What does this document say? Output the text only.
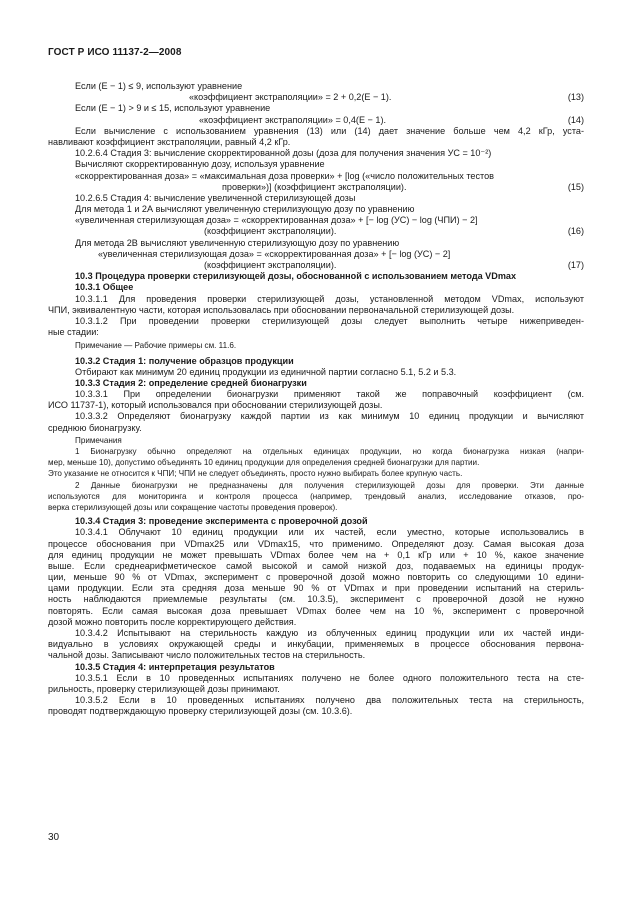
ГОСТ Р ИСО 11137-2—2008
Если (E − 1) ≤ 9, используют уравнение
«коэффициент экстраполяции» = 2 + 0,2(E − 1).	(13)
Если (E − 1) > 9 и ≤ 15, используют уравнение
«коэффициент экстраполяции» = 0,4(E − 1).	(14)
Если вычисление с использованием уравнения (13) или (14) дает значение больше чем 4,2 кГр, уста-
навливают коэффициент экстраполяции, равный 4,2 кГр.
10.2.6.4 Стадия 3: вычисление скорректированной дозы (доза для получения значения УС = 10⁻²)
Вычисляют скорректированную дозу, используя уравнение
«скорректированная доза» = «максимальная доза проверки» + [log («число положительных тестов
проверки»)] (коэффициент экстраполяции).	(15)
10.2.6.5 Стадия 4: вычисление увеличенной стерилизующей дозы
Для метода 1 и 2А вычисляют увеличенную стерилизующую дозу по уравнению
«увеличенная стерилизующая доза» = «скорректированная доза» + [− log (УС) − log (ЧПИ) − 2]
(коэффициент экстраполяции).	(16)
Для метода 2В вычисляют увеличенную стерилизующую дозу по уравнению
«увеличенная стерилизующая доза» = «скорректированная доза» + [− log (УС) − 2]
(коэффициент экстраполяции).	(17)
10.3 Процедура проверки стерилизующей дозы, обоснованной с использованием метода VDmax
10.3.1 Общее
10.3.1.1 Для проведения проверки стерилизующей дозы, установленной методом VDmax, используют
ЧПИ, эквивалентную части, которая использовалась при обосновании первоначальной стерилизующей дозы.
10.3.1.2 При проведении проверки стерилизующей дозы следует выполнить четыре нижеприведен-
ные стадии:
Примечание — Рабочие примеры см. 11.6.
10.3.2 Стадия 1: получение образцов продукции
Отбирают как минимум 20 единиц продукции из единичной партии согласно 5.1, 5.2 и 5.3.
10.3.3 Стадия 2: определение средней бионагрузки
10.3.3.1 При определении бионагрузки применяют такой же поправочный коэффициент (см.
ИСО 11737-1), который использовался при обосновании стерилизующей дозы.
10.3.3.2 Определяют бионагрузку каждой партии из как минимум 10 единиц продукции и вычисляют
среднюю бионагрузку.
Примечания
1 Бионагрузку обычно определяют на отдельных единицах продукции, но когда бионагрузка низкая (напри-
мер, меньше 10), допустимо объединять 10 единиц продукции для определения средней бионагрузки для партии.
Это указание не относится к ЧПИ; ЧПИ не следует объединять, просто нужно выбирать более крупную часть.
2 Данные бионагрузки не предназначены для получения стерилизующей дозы для проверки. Эти данные
используются для мониторинга и контроля процесса (например, трендовый анализ, исследование отказов, про-
верка стерилизующей дозы или сокращение частоты проведения проверок).
10.3.4 Стадия 3: проведение эксперимента с проверочной дозой
10.3.4.1 Облучают 10 единиц продукции или их частей, если уместно, которые использовались в
процессе обоснования при VDmax25 или VDmax15, что применимо. Определяют дозу. Самая высокая доза
для единиц продукции не может превышать VDmax более чем на + 0,1 кГр или + 10 %, какое значение
выше. Если среднеарифметическое самой высокой и самой низкой доз, подаваемых на единицы продук-
ции, меньше 90 % от VDmax, эксперимент с проверочной дозой можно повторить со следующими 10 едини-
цами продукции. Если эта средняя доза меньше 90 % от VDmax и при проведении испытаний на стериль-
ность наблюдаются приемлемые результаты (см. 10.3.5), эксперимент с проверочной дозой не нужно
повторять. Если самая высокая доза превышает VDmax более чем на 10 %, эксперимент с проверочной
дозой можно повторить после корректирующего действия.
10.3.4.2 Испытывают на стерильность каждую из облученных единиц продукции или их частей инди-
видуально в условиях окружающей среды и инкубации, применяемых в процессе обоснования первона-
чальной дозы. Записывают число положительных тестов на стерильность.
10.3.5 Стадия 4: интерпретация результатов
10.3.5.1 Если в 10 проведенных испытаниях получено не более одного положительного теста на сте-
рильность, проверку стерилизующей дозы принимают.
10.3.5.2 Если в 10 проведенных испытаниях получено два положительных теста на стерильность,
проводят подтверждающую проверку стерилизующей дозы (см. 10.3.6).
30
